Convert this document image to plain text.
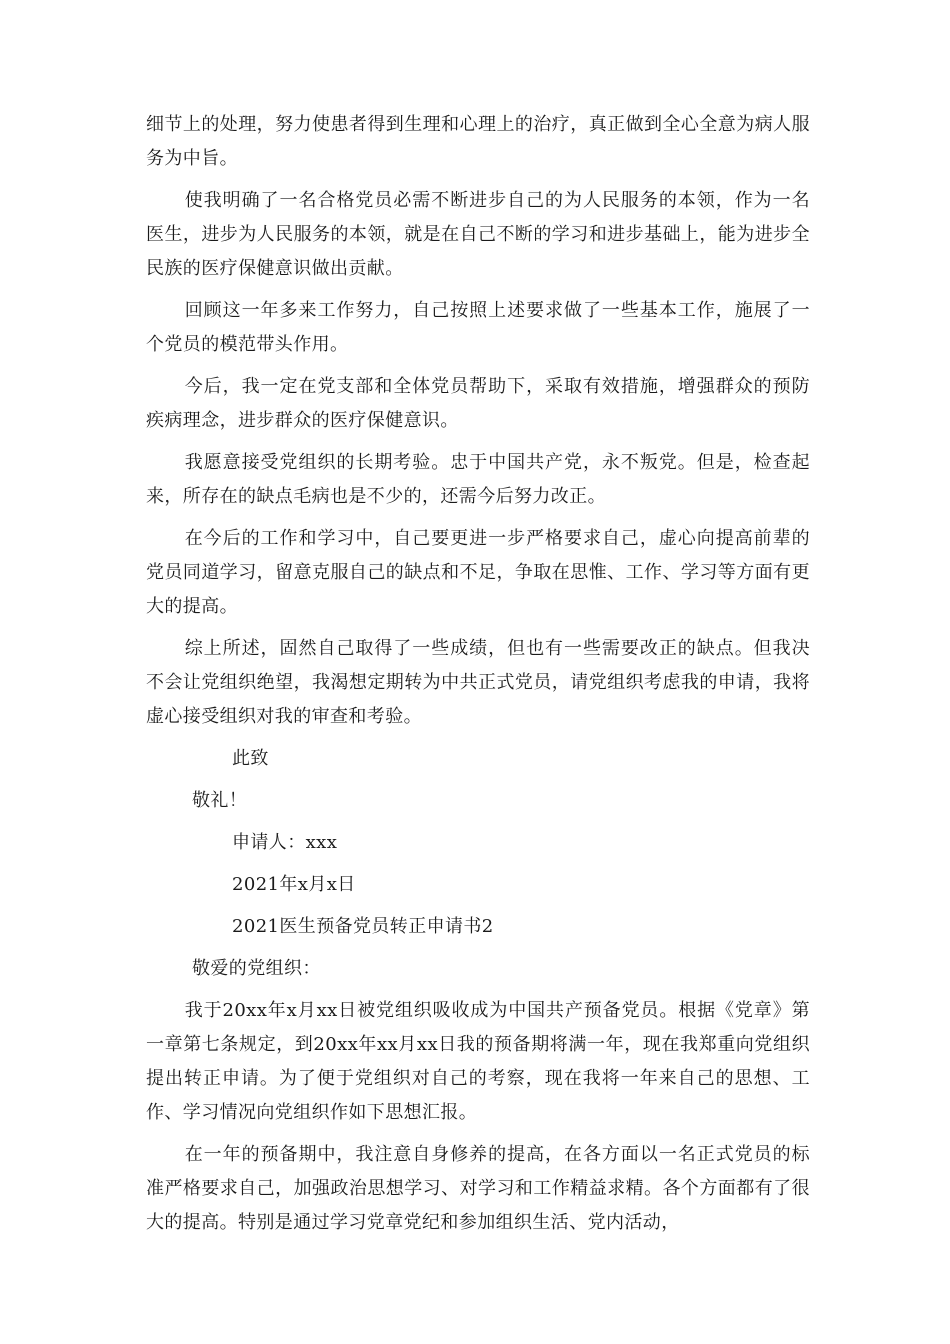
细节上的处理，努力使患者得到生理和心理上的治疗，真正做到全心全意为病人服务为中旨。

使我明确了一名合格党员必需不断进步自己的为人民服务的本领，作为一名医生，进步为人民服务的本领，就是在自己不断的学习和进步基础上，能为进步全民族的医疗保健意识做出贡献。

回顾这一年多来工作努力，自己按照上述要求做了一些基本工作，施展了一个党员的模范带头作用。

今后，我一定在党支部和全体党员帮助下，采取有效措施，增强群众的预防疾病理念，进步群众的医疗保健意识。

我愿意接受党组织的长期考验。忠于中国共产党，永不叛党。但是，检查起来，所存在的缺点毛病也是不少的，还需今后努力改正。

在今后的工作和学习中，自己要更进一步严格要求自己，虚心向提高前辈的党员同道学习，留意克服自己的缺点和不足，争取在思惟、工作、学习等方面有更大的提高。

综上所述，固然自己取得了一些成绩，但也有一些需要改正的缺点。但我决不会让党组织绝望，我渴想定期转为中共正式党员，请党组织考虑我的申请，我将虚心接受组织对我的审查和考验。

此致

敬礼！

申请人：xxx

2021年x月x日

2021医生预备党员转正申请书2

敬爱的党组织：

我于20xx年x月xx日被党组织吸收成为中国共产预备党员。根据《党章》第一章第七条规定，到20xx年xx月xx日我的预备期将满一年，现在我郑重向党组织提出转正申请。为了便于党组织对自己的考察，现在我将一年来自己的思想、工作、学习情况向党组织作如下思想汇报。

在一年的预备期中，我注意自身修养的提高，在各方面以一名正式党员的标准严格要求自己，加强政治思想学习、对学习和工作精益求精。各个方面都有了很大的提高。特别是通过学习党章党纪和参加组织生活、党内活动，
